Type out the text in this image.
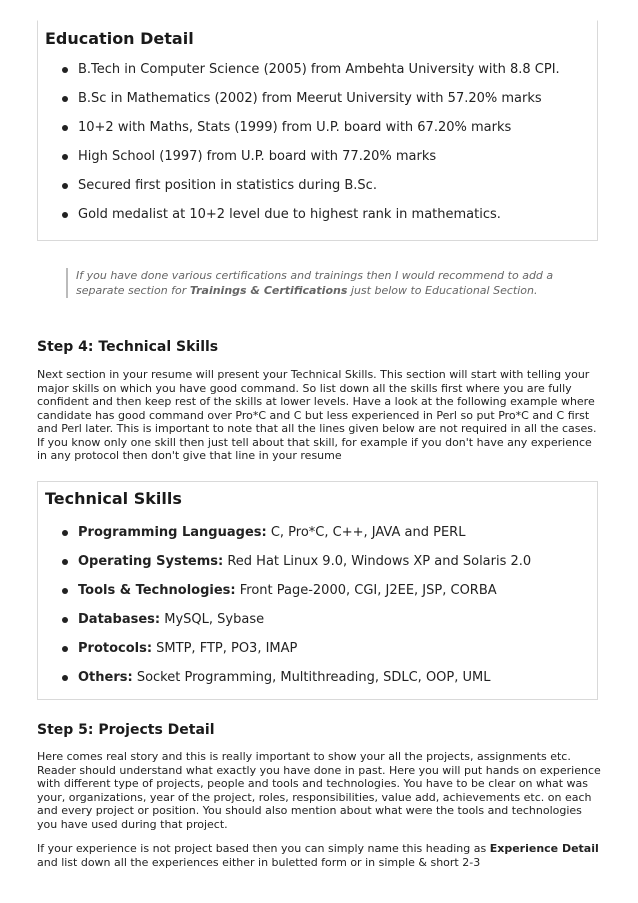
Education Detail
B.Tech in Computer Science (2005) from Ambehta University with 8.8 CPI.
B.Sc in Mathematics (2002) from Meerut University with 57.20% marks
10+2 with Maths, Stats (1999) from U.P. board with 67.20% marks
High School (1997) from U.P. board with 77.20% marks
Secured first position in statistics during B.Sc.
Gold medalist at 10+2 level due to highest rank in mathematics.
If you have done various certifications and trainings then I would recommend to add a separate section for Trainings & Certifications just below to Educational Section.
Step 4: Technical Skills

Next section in your resume will present your Technical Skills. This section will start with telling your major skills on which you have good command. So list down all the skills first where you are fully confident and then keep rest of the skills at lower levels. Have a look at the following example where candidate has good command over Pro*C and C but less experienced in Perl so put Pro*C and C first and Perl later. This is important to note that all the lines given below are not required in all the cases. If you know only one skill then just tell about that skill, for example if you don't have any experience in any protocol then don't give that line in your resume

Technical Skills
Programming Languages: C, Pro*C, C++, JAVA and PERL
Operating Systems: Red Hat Linux 9.0, Windows XP and Solaris 2.0
Tools & Technologies: Front Page-2000, CGI, J2EE, JSP, CORBA
Databases: MySQL, Sybase
Protocols: SMTP, FTP, PO3, IMAP
Others: Socket Programming, Multithreading, SDLC, OOP, UML
Step 5: Projects Detail

Here comes real story and this is really important to show your all the projects, assignments etc. Reader should understand what exactly you have done in past. Here you will put hands on experience with different type of projects, people and tools and technologies. You have to be clear on what was your, organizations, year of the project, roles, responsibilities, value add, achievements etc. on each and every project or position. You should also mention about what were the tools and technologies you have used during that project.

If your experience is not project based then you can simply name this heading as Experience Detail and list down all the experiences either in buletted form or in simple & short 2-3
